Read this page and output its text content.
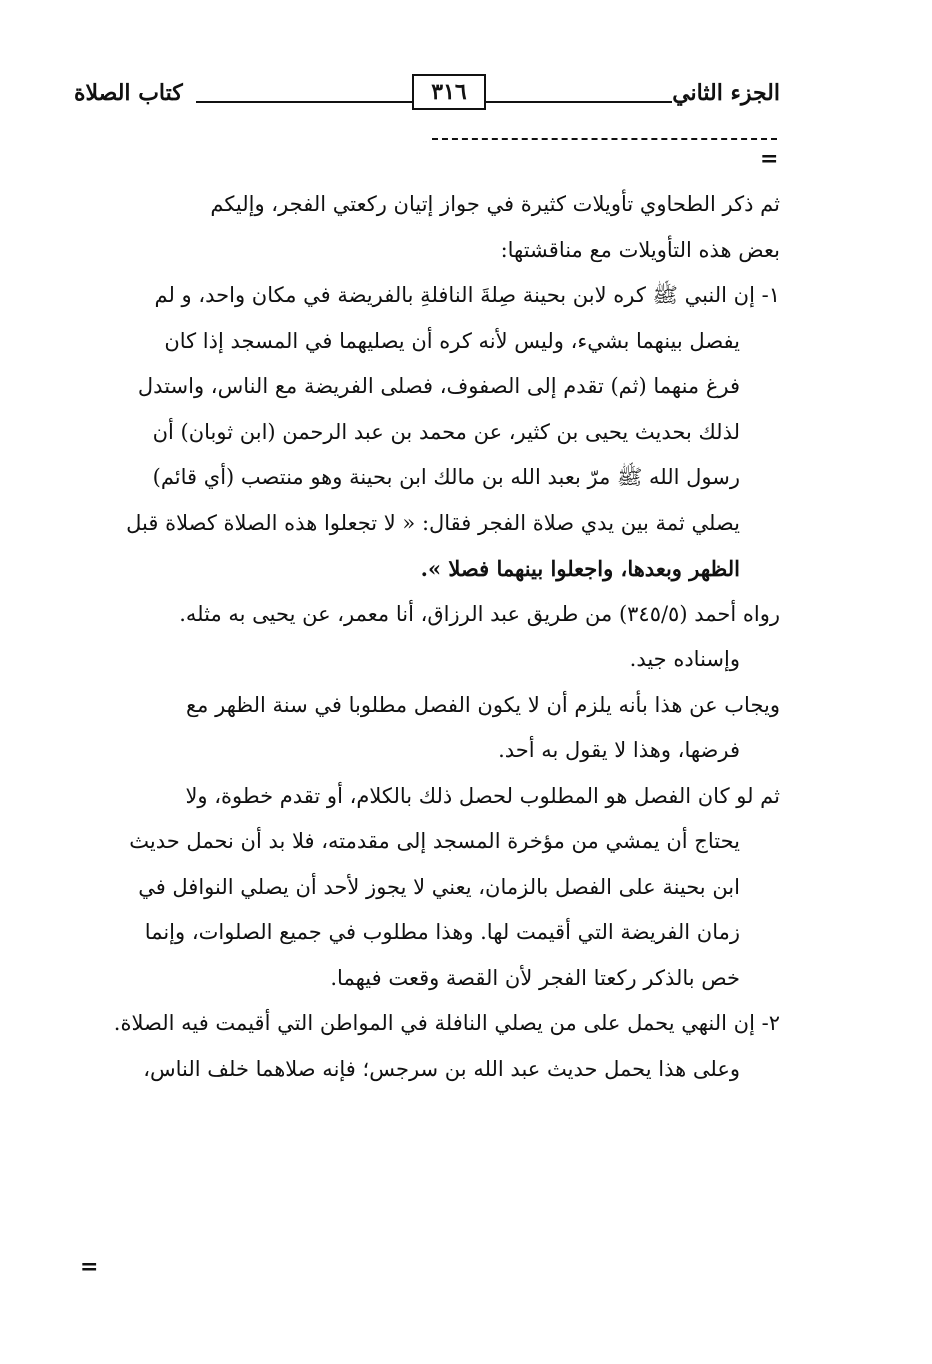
الجزء الثاني
٣١٦
كتاب الصلاة
=
ثم ذكر الطحاوي تأويلات كثيرة في جواز إتيان ركعتي الفجر، وإليكم
بعض هذه التأويلات مع مناقشتها:
١- إن النبي ﷺ كره لابن بحينة صِلةَ النافلةِ بالفريضة في مكان واحد، و لم
يفصل بينهما بشيء، وليس لأنه كره أن يصليهما في المسجد إذا كان
فرغ منهما (ثم) تقدم إلى الصفوف، فصلى الفريضة مع الناس، واستدل
لذلك بحديث يحيى بن كثير، عن محمد بن عبد الرحمن (ابن ثوبان) أن
رسول الله ﷺ مرّ بعبد الله بن مالك ابن بحينة وهو منتصب (أي قائم)
يصلي ثمة بين يدي صلاة الفجر فقال: « لا تجعلوا هذه الصلاة كصلاة قبل
الظهر وبعدها، واجعلوا بينهما فصلا ».
رواه أحمد (٣٤٥/٥) من طريق عبد الرزاق، أنا معمر، عن يحيى به مثله.
وإسناده جيد.
ويجاب عن هذا بأنه يلزم أن لا يكون الفصل مطلوبا في سنة الظهر مع
فرضها، وهذا لا يقول به أحد.
ثم لو كان الفصل هو المطلوب لحصل ذلك بالكلام، أو تقدم خطوة، ولا
يحتاج أن يمشي من مؤخرة المسجد إلى مقدمته، فلا بد أن نحمل حديث
ابن بحينة على الفصل بالزمان، يعني لا يجوز لأحد أن يصلي النوافل في
زمان الفريضة التي أقيمت لها. وهذا مطلوب في جميع الصلوات، وإنما
خص بالذكر ركعتا الفجر لأن القصة وقعت فيهما.
٢- إن النهي يحمل على من يصلي النافلة في المواطن التي أقيمت فيه الصلاة.
وعلى هذا يحمل حديث عبد الله بن سرجس؛ فإنه صلاهما خلف الناس،
=
